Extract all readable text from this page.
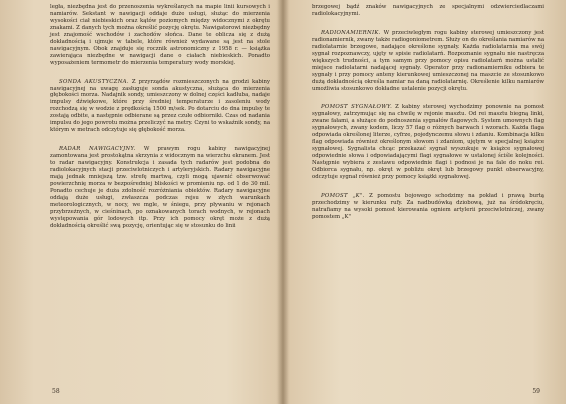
legła, niezbędna jest do przenoszenia wykreślanych na mapie linii kursowych i namiarów. Sekstant w nawigacji oddaje duże usługi, służąc do mierzenia wysokości ciał niebieskich oraz kątów poziomych między widocznymi z okrętu znakami. Z danych tych można określić pozycję okrętu. Nawigatorowi niezbędny jest znajomość wschodów i zachodów słońca. Dane te oblicza się z dużą dokładnością i ujmuje w tabele, które również wydawane są jest na stole nawigacyjnym. Obok znajduje się rocznik astronomiczny z 1958 r. — książka zawierająca niezbędne w nawigacji dane o ciałach niebieskich. Ponadto wyposażeniem termometr do mierzenia temperatury wody morskiej.

SONDA AKUSTYCZNA. Z przyrządów rozmieszczonych na grodzi kabiny nawigacyjnej na uwagę zasługuje sonda akustyczna, służąca do mierzenia głębokości morza. Nadajnik sondy, umieszczony w dolnej części kadłuba, nadaje impulsy dźwiękowe, które przy średniej temperaturze i zasoleniu wody rozchodzą się w wodzie z prędkością 1500 m/sek. Po dotarciu do dna impulsy te zostają odbite, a następnie odbierane są przez czułe odbiorniki. Czas od nadania impulsu do jego powrotu można przeliczyć na metry. Czyni to wskaźnik sondy, na którym w metrach odczytuje się głębokość morza.

RADAR NAWIGACYJNY. W prawym rogu kabiny nawigacyjnej zamontowana jest prostokątna skrzynia z widocznym na wierzchu ekranem. Jest to radar nawigacyjny. Konstrukcja i zasada tych radarów jest podobna do radiolokacyjnych stacji przeciwlotniczych i artyleryjskich. Radary nawigacyjne mają jednak mniejszą tzw. strefę martwą, czyli mogą ujawnić obserwować powierzchnię morza w bezpośredniej bliskości w promieniu np. od 1 do 30 mil. Ponadto cechuje je duża zdolność rozróżniania obiektów. Radary nawigacyjne oddają duże usługi, zwłaszcza podczas rejsu w złych warunkach meteorologicznych, w nocy, we mgle, w śniegu, przy pływaniu w rejonach przybrzeżnych, w cieśninach, po oznakowanych torach wodnych, w rejonach występowania gór lodowych itp. Przy ich pomocy okręt może z dużą dokładnością określić swą pozycję, orientując się w stosunku do linii

58

brzegowej bądź znaków nawigacyjnych ze specjalnymi odzwierciedlaczami radiolokacyjnymi.

RADIONAMIERNIK. W przeciwległym rogu kabiny sterowej umieszczony jest radionamiernik, zwany także radiogoniometrem. Służy on do określania namiarów na radiolatarnie brzegowe, nadające określone sygnały. Każda radiolatarnia ma swój sygnał rozpoznawczy, ujęty w spisie radiolatarń. Rozpoznanie sygnału nie nastręcza większych trudności, a tym samym przy pomocy opisu radiolatarń można ustalić miejsce radiolatarni nadającej sygnały. Operator przy radionamierniku odbiera te sygnały i przy pomocy anteny kierunkowej umieszczonej na maszcie ze stosunkowo dużą dokładnością określa namiar na daną radiolatarnię. Określenie kilku namiarów umożliwia stosunkowo dokładne ustalenie pozycji okrętu.

POMOST SYGNAŁOWY. Z kabiny sterowej wychodzimy ponownie na pomost sygnałowy, zatrzymując się na chwilę w rejonie masztu. Od rei masztu biegną linki, zwane fałami, a służące do podnoszenia sygnałów flagowych. System umownych flag sygnałowych, zwany kodem, liczy 57 flag o różnych barwach i wzorach. Każda flaga odpowiada określonej literze, cyfrze, pojedynczemu słowu i zdaniu. Kombinacja kilku flag odpowiada również określonym słowom i zdaniom, ujętym w specjalnej książce sygnałowej. Sygnalista chcąc przekazać sygnał wyszukuje w książce sygnałowej odpowiednie słowa i odpowiadającymi flagi sygnałowe w ustalonej ściśle kolejności. Następnie wybiera z zestawu odpowiednie flagi i podnosi je na fale do noku rei. Odbiorca sygnału, np. okręt w pobliżu okręt lub brzegowy punkt obserwacyjny, odczytuje sygnał również przy pomocy książki sygnałowej.

POMOST „K". Z pomostu bojowego schodzimy na pokład i prawą burtą przechodzimy w kierunku rufy. Za nadbudówką dziobową, już na śródokręciu, natrafiamy na wysoki pomost kierowania ogniem artylerii przeciwlotniczej, zwany pomostem „K"

59
